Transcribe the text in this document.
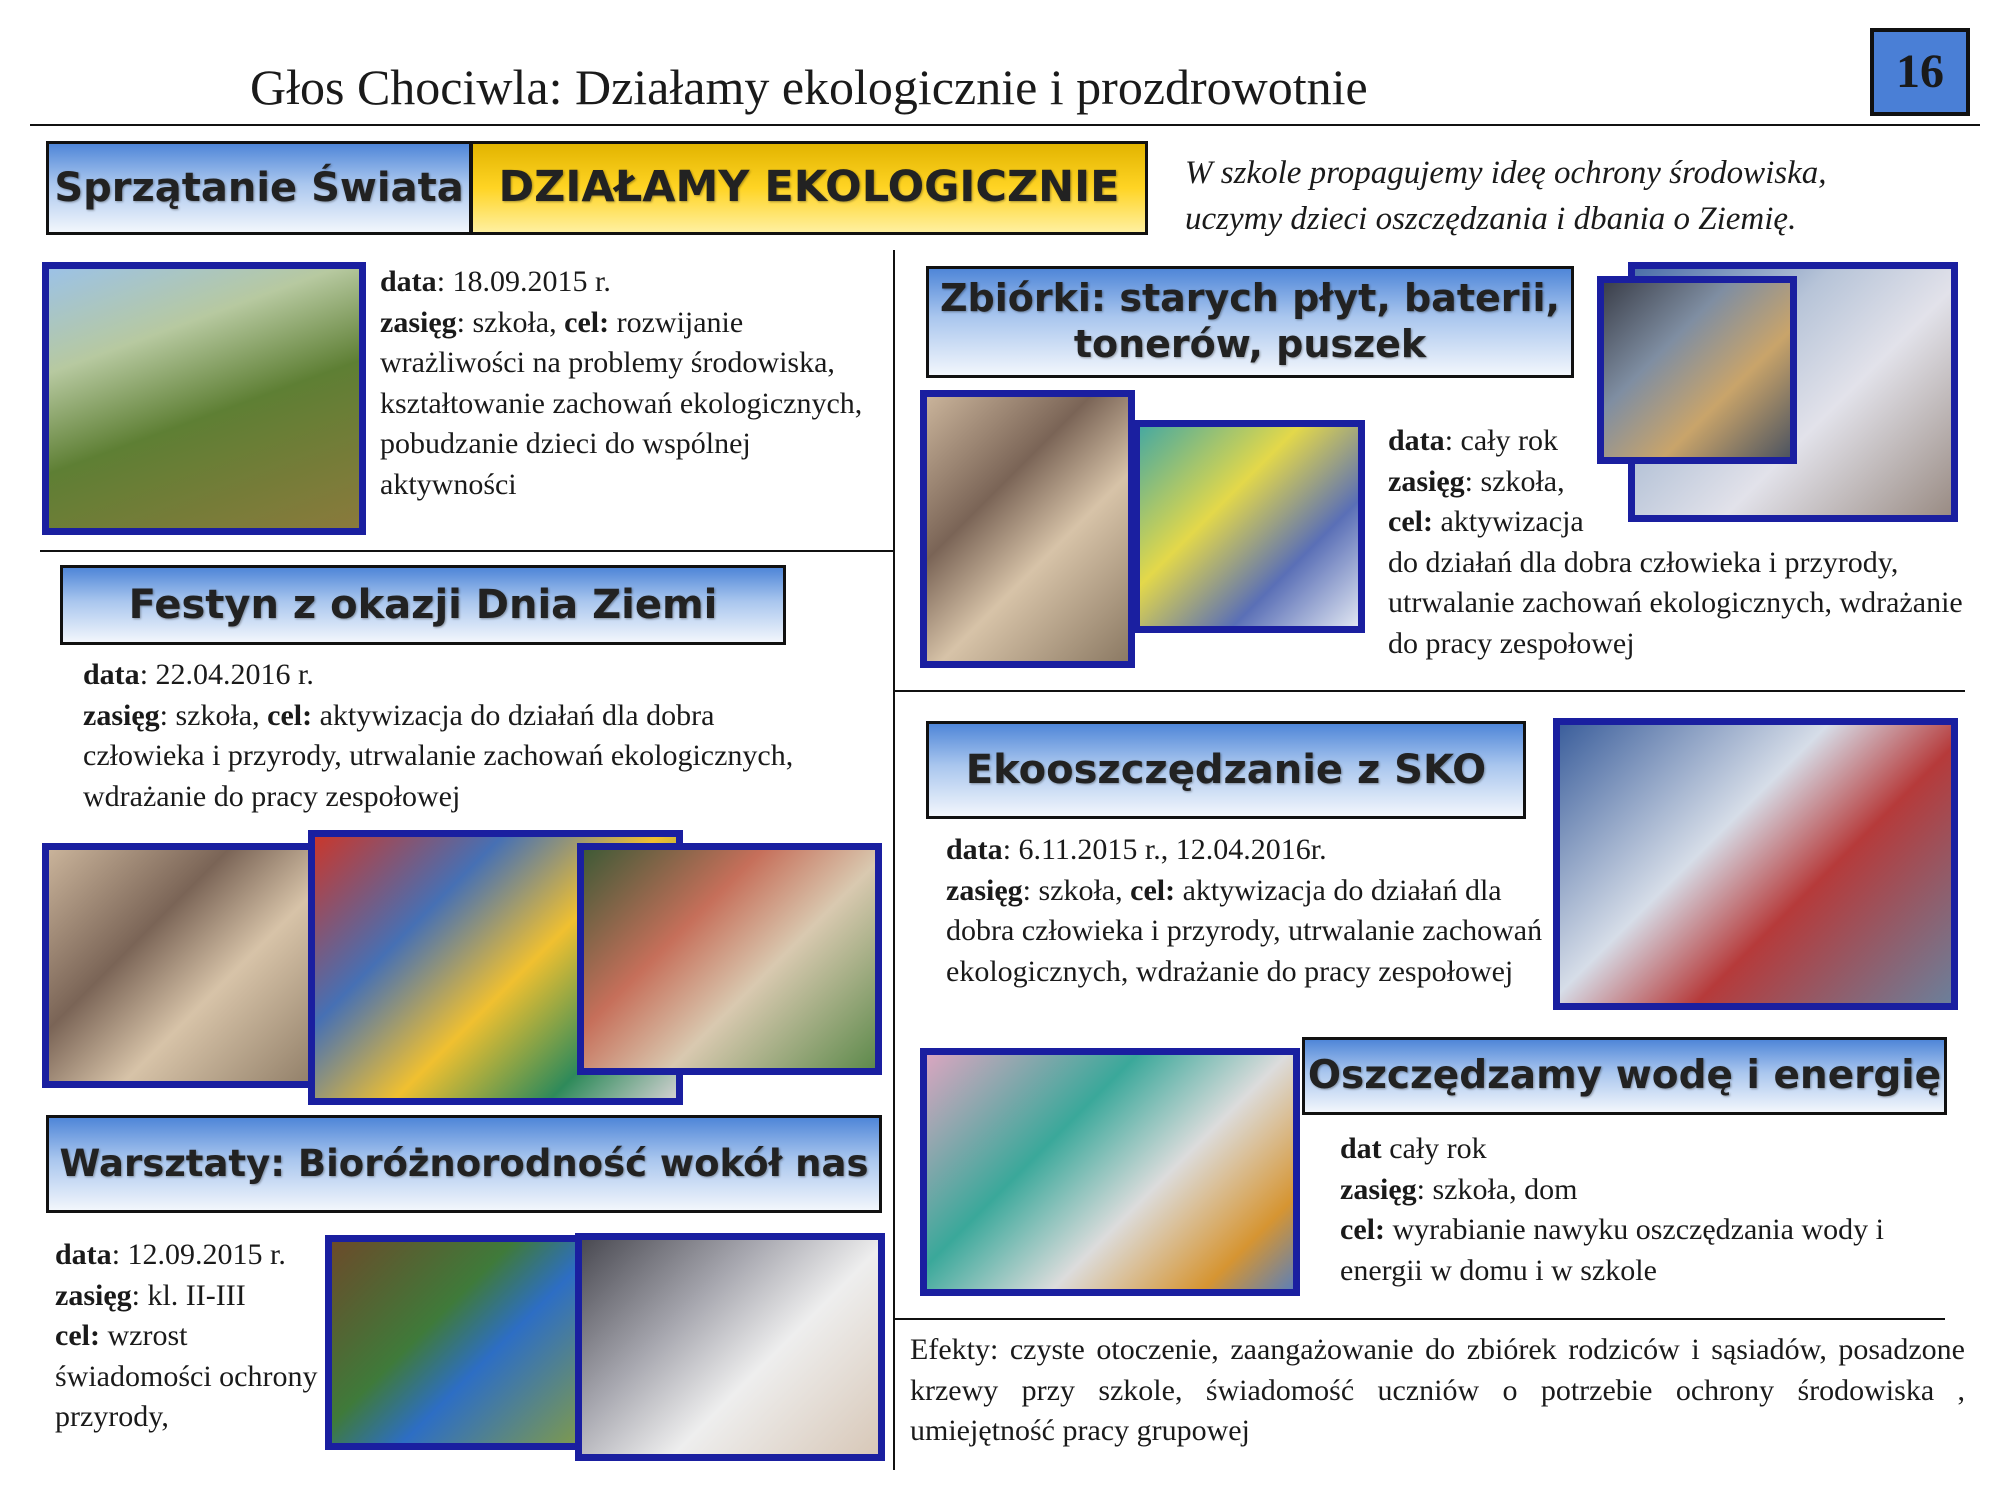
Głos Chociwla: Działamy ekologicznie i prozdrowotnie	16
Sprzątanie Świata DZIAŁAMY EKOLOGICZNIE	W szkole propagujemy ideę ochrony środowiska,
uczymy dzieci oszczędzania i dbania o Ziemię.
data: 18.09.2015 r.
zasięg: szkoła, cel: rozwijanie wrażliwości na problemy środowiska, kształtowanie zachowań ekologicznych, pobudzanie dzieci do wspólnej aktywności
Festyn z okazji Dnia Ziemi
data: 22.04.2016 r.
zasięg: szkoła, cel: aktywizacja do działań dla dobra człowieka i przyrody, utrwalanie zachowań ekologicznych, wdrażanie do pracy zespołowej
Warsztaty: Bioróżnorodność wokół nas
data: 12.09.2015 r.
zasięg: kl. II-III
cel: wzrost świadomości ochrony przyrody,
Zbiórki: starych płyt, baterii,
tonerów, puszek
data: cały rok
zasięg: szkoła,
cel: aktywizacja
do działań dla dobra człowieka i przyrody, utrwalanie zachowań ekologicznych, wdrażanie do pracy zespołowej
Ekooszczędzanie z SKO
data: 6.11.2015 r., 12.04.2016r.
zasięg: szkoła, cel: aktywizacja do działań dla dobra człowieka i przyrody, utrwalanie zachowań ekologicznych, wdrażanie do pracy zespołowej
Oszczędzamy wodę i energię
dat cały rok
zasięg: szkoła, dom
cel: wyrabianie nawyku oszczędzania wody i energii w domu i w szkole
Efekty: czyste otoczenie, zaangażowanie do zbiórek rodziców i sąsiadów, posadzone krzewy przy szkole, świadomość uczniów o potrzebie ochrony środowiska , umiejętność pracy grupowej
